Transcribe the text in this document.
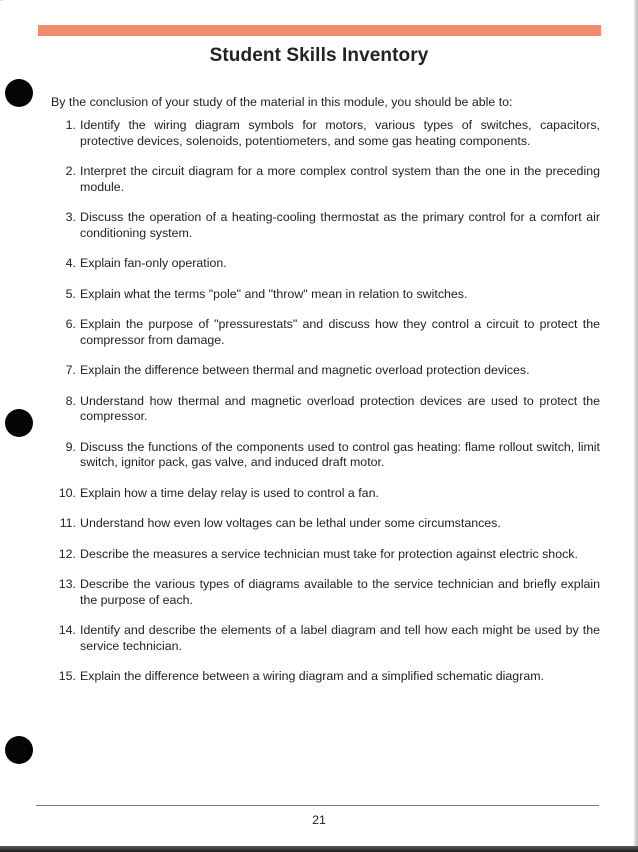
Student Skills Inventory

By the conclusion of your study of the material in this module, you should be able to:

1. Identify the wiring diagram symbols for motors, various types of switches, capacitors, protective devices, solenoids, potentiometers, and some gas heating components.
2. Interpret the circuit diagram for a more complex control system than the one in the preceding module.
3. Discuss the operation of a heating-cooling thermostat as the primary control for a comfort air conditioning system.
4. Explain fan-only operation.
5. Explain what the terms "pole" and "throw" mean in relation to switches.
6. Explain the purpose of "pressurestats" and discuss how they control a circuit to protect the compressor from damage.
7. Explain the difference between thermal and magnetic overload protection devices.
8. Understand how thermal and magnetic overload protection devices are used to protect the compressor.
9. Discuss the functions of the components used to control gas heating: flame rollout switch, limit switch, ignitor pack, gas valve, and induced draft motor.
10. Explain how a time delay relay is used to control a fan.
11. Understand how even low voltages can be lethal under some circumstances.
12. Describe the measures a service technician must take for protection against electric shock.
13. Describe the various types of diagrams available to the service technician and briefly explain the purpose of each.
14. Identify and describe the elements of a label diagram and tell how each might be used by the service technician.
15. Explain the difference between a wiring diagram and a simplified schematic diagram.
21
